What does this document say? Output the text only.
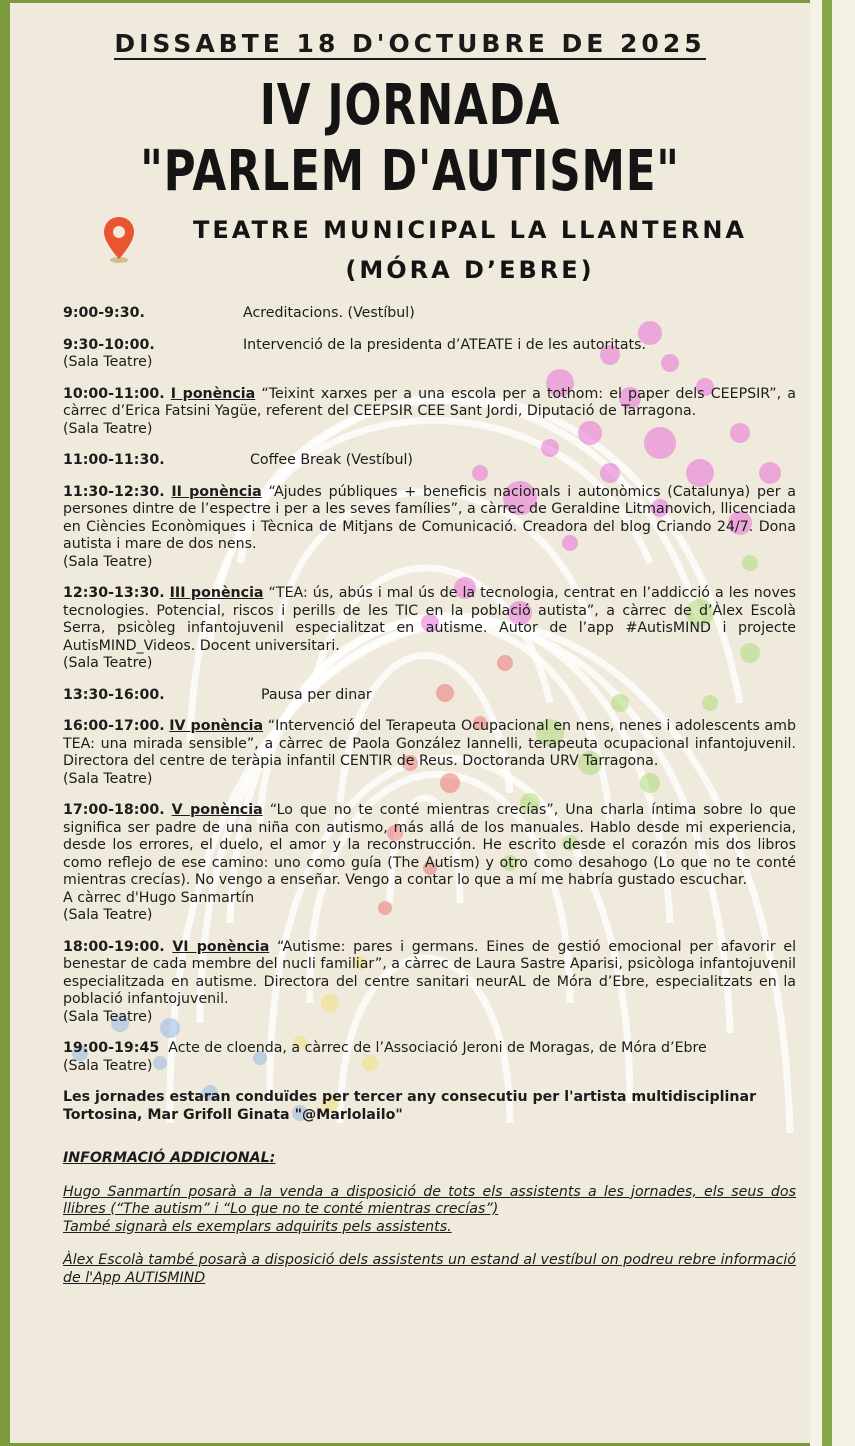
DISSABTE 18 D'OCTUBRE DE 2025
IV JORNADA
"PARLEM D'AUTISME"
TEATRE MUNICIPAL LA LLANTERNA
(MÓRA D’EBRE)
9:00-9:30.	Acreditacions. (Vestíbul)
9:30-10:00.	Intervenció de la presidenta d’ATEATE i de les autoritats.
(Sala Teatre)
10:00-11:00. I ponència “Teixint xarxes per a una escola per a tothom: el paper dels CEEPSIR”, a càrrec d’Erica Fatsini Yagüe, referent del CEEPSIR CEE Sant Jordi, Diputació de Tarragona.
(Sala Teatre)
11:00-11:30.	Coffee Break (Vestíbul)
11:30-12:30. II ponència “Ajudes públiques + beneficis nacionals i autonòmics (Catalunya) per a persones dintre de l’espectre i per a les seves famílies”, a càrrec de Geraldine Litmanovich, llicenciada en Ciències Econòmiques i Tècnica de Mitjans de Comunicació. Creadora del blog Criando 24/7. Dona autista i mare de dos nens.
(Sala Teatre)
12:30-13:30. III ponència “TEA: ús, abús i mal ús de la tecnologia, centrat en l’addicció a les noves tecnologies. Potencial, riscos i perills de les TIC en la població autista”, a càrrec de d’Àlex Escolà Serra, psicòleg infantojuvenil especialitzat en autisme. Autor de l’app #AutisMIND i projecte AutisMIND_Videos. Docent universitari.
(Sala Teatre)
13:30-16:00.	Pausa per dinar
16:00-17:00. IV ponència “Intervenció del Terapeuta Ocupacional en nens, nenes i adolescents amb TEA: una mirada sensible”, a càrrec de Paola González Iannelli, terapeuta ocupacional infantojuvenil. Directora del centre de teràpia infantil CENTIR de Reus. Doctoranda URV Tarragona.
(Sala Teatre)
17:00-18:00. V ponència “Lo que no te conté mientras crecías”, Una charla íntima sobre lo que significa ser padre de una niña con autismo, más allá de los manuales. Hablo desde mi experiencia, desde los errores, el duelo, el amor y la reconstrucción. He escrito desde el corazón mis dos libros como reflejo de ese camino: uno como guía (The Autism) y otro como desahogo (Lo que no te conté mientras crecías). No vengo a enseñar. Vengo a contar lo que a mí me habría gustado escuchar.
A càrrec d'Hugo Sanmartín
(Sala Teatre)
18:00-19:00. VI ponència “Autisme: pares i germans. Eines de gestió emocional per afavorir el benestar de cada membre del nucli familiar”, a càrrec de Laura Sastre Aparisi, psicòloga infantojuvenil especialitzada en autisme. Directora del centre sanitari neurAL de Móra d’Ebre, especialitzats en la població infantojuvenil.
(Sala Teatre)
19:00-19:45 Acte de cloenda, a càrrec de l’Associació Jeroni de Moragas, de Móra d’Ebre
(Sala Teatre)
Les jornades estaran conduïdes per tercer any consecutiu per l'artista multidisciplinar Tortosina, Mar Grifoll Ginata "@Marlolailo"
INFORMACIÓ ADDICIONAL:
Hugo Sanmartín posarà a la venda a disposició de tots els assistents a les jornades, els seus dos llibres (“The autism” i “Lo que no te conté mientras crecías”)
També signarà els exemplars adquirits pels assistents.
Àlex Escolà també posarà a disposició dels assistents un estand al vestíbul on podreu rebre informació de l'App AUTISMIND
